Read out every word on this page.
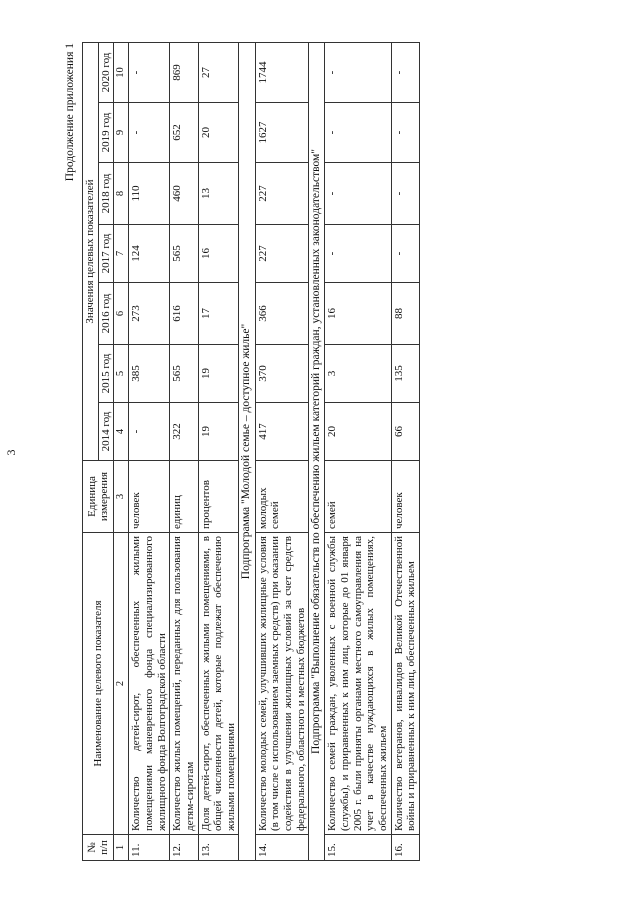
3
Продолжение приложения 1
№ п/п	Наименование целевого показателя	Единица измерения	Значения целевых показателей						
			2014 год	2015 год	2016 год	2017 год	2018 год	2019 год	2020 год
1	2	3	4	5	6	7	8	9	10
11.	Количество детей-сирот, обеспеченных жилыми помещениями маневренного фонда специализированного жилищного фонда Волгоградской области	человек	-	385	273	124	110	-	-
12.	Количество жилых помещений, переданных для пользования детям-сиротам	единиц	322	565	616	565	460	652	869
13.	Доля детей-сирот, обеспеченных жилыми помещениями, в общей численности детей, которые подлежат обеспечению жилыми помещениями	процентов	19	19	17	16	13	20	27
Подпрограмма "Молодой семье – доступное жилье"									
14.	Количество молодых семей, улучшивших жилищные условия (в том числе с использованием заемных средств) при оказании содействия в улучшении жилищных условий за счет средств федерального, областного и местных бюджетов	молодых семей	417	370	366	227	227	1627	1744
Подпрограмма "Выполнение обязательств по обеспечению жильем категорий граждан, установленных законодательством"									
15.	Количество семей граждан, уволенных с военной службы (службы), и приравненных к ним лиц, которые до 01 января 2005 г. были приняты органами местного самоуправления на учет в качестве нуждающихся в жилых помещениях, обеспеченных жильем	семей	20	3	16	-	-	-	-
16.	Количество ветеранов, инвалидов Великой Отечественной войны и приравненных к ним лиц, обеспеченных жильем	человек	66	135	88	-	-	-	-
